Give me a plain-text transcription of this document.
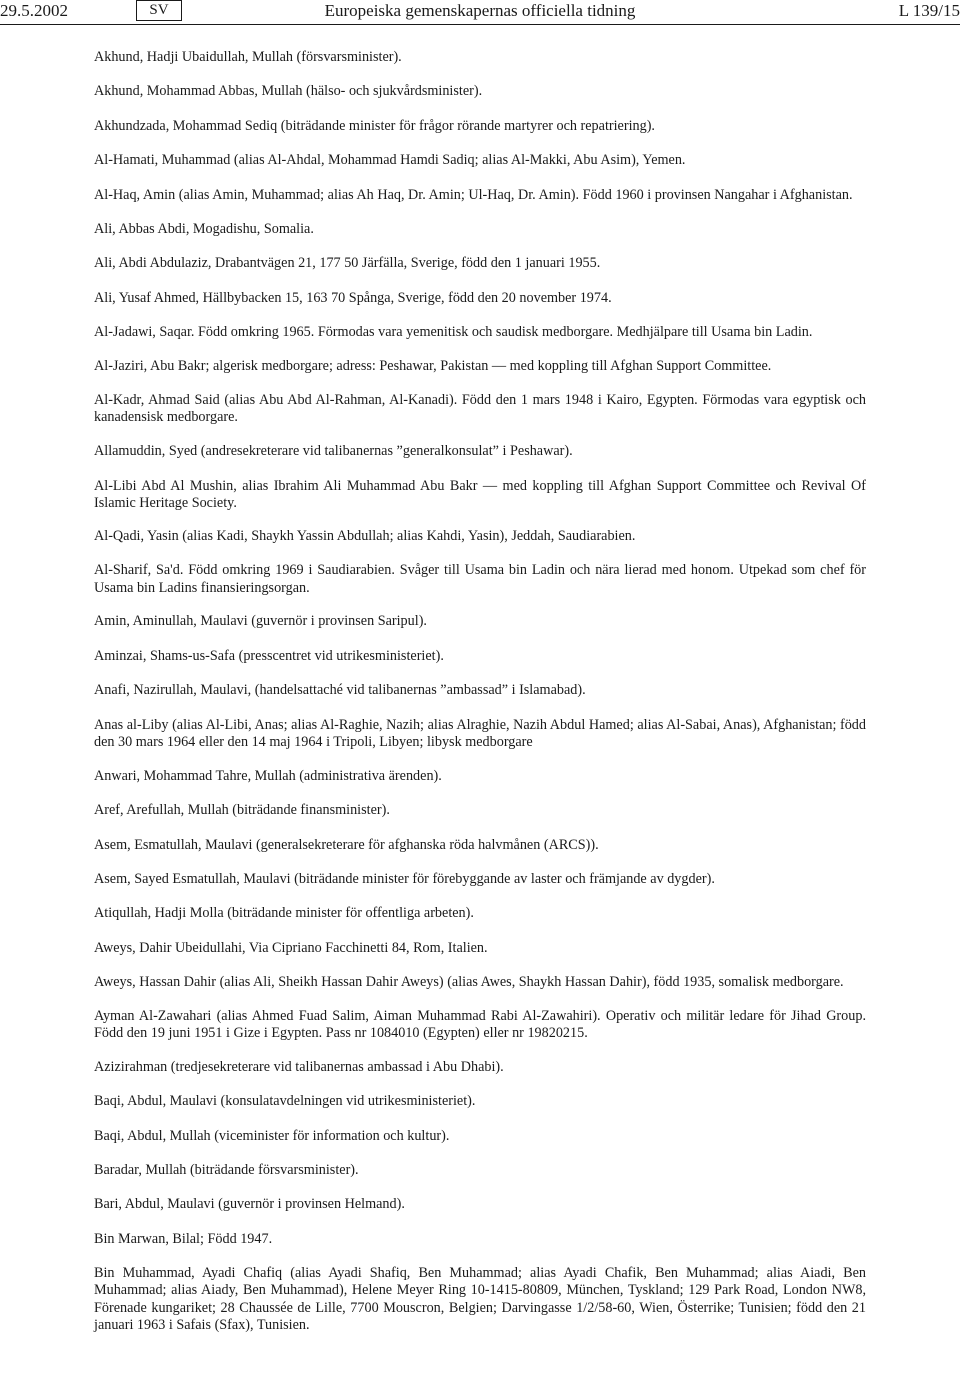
Europeiska gemenskapernas officiella tidning
29.5.2002	SV	L 139/15

Akhund, Hadji Ubaidullah, Mullah (försvarsminister).

Akhund, Mohammad Abbas, Mullah (hälso- och sjukvårdsminister).

Akhundzada, Mohammad Sediq (biträdande minister för frågor rörande martyrer och repatriering).

Al-Hamati, Muhammad (alias Al-Ahdal, Mohammad Hamdi Sadiq; alias Al-Makki, Abu Asim), Yemen.

Al-Haq, Amin (alias Amin, Muhammad; alias Ah Haq, Dr. Amin; Ul-Haq, Dr. Amin). Född 1960 i provinsen Nangahar i Afghanistan.

Ali, Abbas Abdi, Mogadishu, Somalia.

Ali, Abdi Abdulaziz, Drabantvägen 21, 177 50 Järfälla, Sverige, född den 1 januari 1955.

Ali, Yusaf Ahmed, Hällbybacken 15, 163 70 Spånga, Sverige, född den 20 november 1974.

Al-Jadawi, Saqar. Född omkring 1965. Förmodas vara yemenitisk och saudisk medborgare. Medhjälpare till Usama bin Ladin.

Al-Jaziri, Abu Bakr; algerisk medborgare; adress: Peshawar, Pakistan — med koppling till Afghan Support Committee.

Al-Kadr, Ahmad Said (alias Abu Abd Al-Rahman, Al-Kanadi). Född den 1 mars 1948 i Kairo, Egypten. Förmodas vara egyptisk och kanadensisk medborgare.

Allamuddin, Syed (andresekreterare vid talibanernas ”generalkonsulat” i Peshawar).

Al-Libi Abd Al Mushin, alias Ibrahim Ali Muhammad Abu Bakr — med koppling till Afghan Support Committee och Revival Of Islamic Heritage Society.

Al-Qadi, Yasin (alias Kadi, Shaykh Yassin Abdullah; alias Kahdi, Yasin), Jeddah, Saudiarabien.

Al-Sharif, Sa'd. Född omkring 1969 i Saudiarabien. Svåger till Usama bin Ladin och nära lierad med honom. Utpekad som chef för Usama bin Ladins finansieringsorgan.

Amin, Aminullah, Maulavi (guvernör i provinsen Saripul).

Aminzai, Shams-us-Safa (presscentret vid utrikesministeriet).

Anafi, Nazirullah, Maulavi, (handelsattaché vid talibanernas ”ambassad” i Islamabad).

Anas al-Liby (alias Al-Libi, Anas; alias Al-Raghie, Nazih; alias Alraghie, Nazih Abdul Hamed; alias Al-Sabai, Anas), Afghanistan; född den 30 mars 1964 eller den 14 maj 1964 i Tripoli, Libyen; libysk medborgare

Anwari, Mohammad Tahre, Mullah (administrativa ärenden).

Aref, Arefullah, Mullah (biträdande finansminister).

Asem, Esmatullah, Maulavi (generalsekreterare för afghanska röda halvmånen (ARCS)).

Asem, Sayed Esmatullah, Maulavi (biträdande minister för förebyggande av laster och främjande av dygder).

Atiqullah, Hadji Molla (biträdande minister för offentliga arbeten).

Aweys, Dahir Ubeidullahi, Via Cipriano Facchinetti 84, Rom, Italien.

Aweys, Hassan Dahir (alias Ali, Sheikh Hassan Dahir Aweys) (alias Awes, Shaykh Hassan Dahir), född 1935, somalisk medborgare.

Ayman Al-Zawahari (alias Ahmed Fuad Salim, Aiman Muhammad Rabi Al-Zawahiri). Operativ och militär ledare för Jihad Group. Född den 19 juni 1951 i Gize i Egypten. Pass nr 1084010 (Egypten) eller nr 19820215.

Azizirahman (tredjesekreterare vid talibanernas ambassad i Abu Dhabi).

Baqi, Abdul, Maulavi (konsulatavdelningen vid utrikesministeriet).

Baqi, Abdul, Mullah (viceminister för information och kultur).

Baradar, Mullah (biträdande försvarsminister).

Bari, Abdul, Maulavi (guvernör i provinsen Helmand).

Bin Marwan, Bilal; Född 1947.

Bin Muhammad, Ayadi Chafiq (alias Ayadi Shafiq, Ben Muhammad; alias Ayadi Chafik, Ben Muhammad; alias Aiadi, Ben Muhammad; alias Aiady, Ben Muhammad), Helene Meyer Ring 10-1415-80809, München, Tyskland; 129 Park Road, London NW8, Förenade kungariket; 28 Chaussée de Lille, 7700 Mouscron, Belgien; Darvingasse 1/2/58-60, Wien, Österrike; Tunisien; född den 21 januari 1963 i Safais (Sfax), Tunisien.
